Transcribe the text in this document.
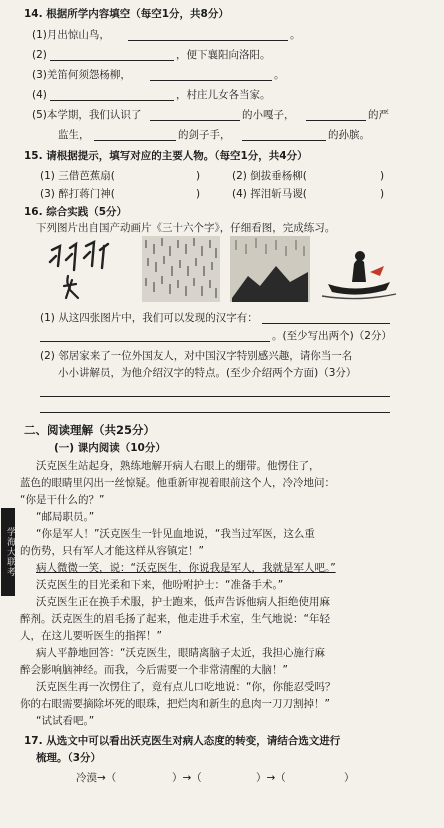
14. 根据所学内容填空（每空1分，共8分）
(1)月出惊山鸟，	。
(2)	，便下襄阳向洛阳。
(3)羌笛何须怨杨柳，	。
(4)	，村庄儿女各当家。
(5)本学期，我们认识了	的小嘎子，	的严
监生，	的剑子手，	的孙膑。
15. 请根据提示，填写对应的主要人物。（每空1分，共4分）
(1) 三借芭蕉扇(	)	(2) 倒拔垂杨柳(	)
(3) 醉打蒋门神(	)	(4) 挥泪斩马谡(	)
16. 综合实践（5分）
下列图片出自国产动画片《三十六个字》，仔细看图，完成练习。
(1) 从这四张图片中，我们可以发现的汉字有：
。(至少写出两个)（2分）
(2) 邻居家来了一位外国友人，对中国汉字特别感兴趣，请你当一名
小小讲解员，为他介绍汉字的特点。(至少介绍两个方面)（3分）
二、阅读理解（共25分）
(一) 课内阅读（10分）
沃克医生站起身，熟练地解开病人右眼上的绷带。他愣住了，
蓝色的眼睛里闪出一丝惊疑。他重新审视着眼前这个人，冷冷地问：
“你是干什么的？”
“邮局职员。”
“你是军人！”沃克医生一针见血地说，“我当过军医，这么重
的伤势，只有军人才能这样从容镇定！”
病人微微一笑，说：“沃克医生，你说我是军人，我就是军人吧。”
沃克医生的目光柔和下来，他吩咐护士：“准备手术。”
沃克医生正在换手术服，护士跑来，低声告诉他病人拒绝使用麻
醉剂。沃克医生的眉毛扬了起来，他走进手术室，生气地说：“年轻
人，在这儿要听医生的指挥！”
病人平静地回答：“沃克医生，眼睛离脑子太近，我担心施行麻
醉会影响脑神经。而我，今后需要一个非常清醒的大脑！”
沃克医生再一次愣住了，竟有点儿口吃地说：“你，你能忍受吗？
你的右眼需要摘除坏死的眼珠，把烂肉和新生的息肉一刀刀割掉！”
“试试看吧。”
17. 从选文中可以看出沃克医生对病人态度的转变，请结合选文进行
梳理。（3分）
冷漠→（	）→（	）→（	）
学海大联考
